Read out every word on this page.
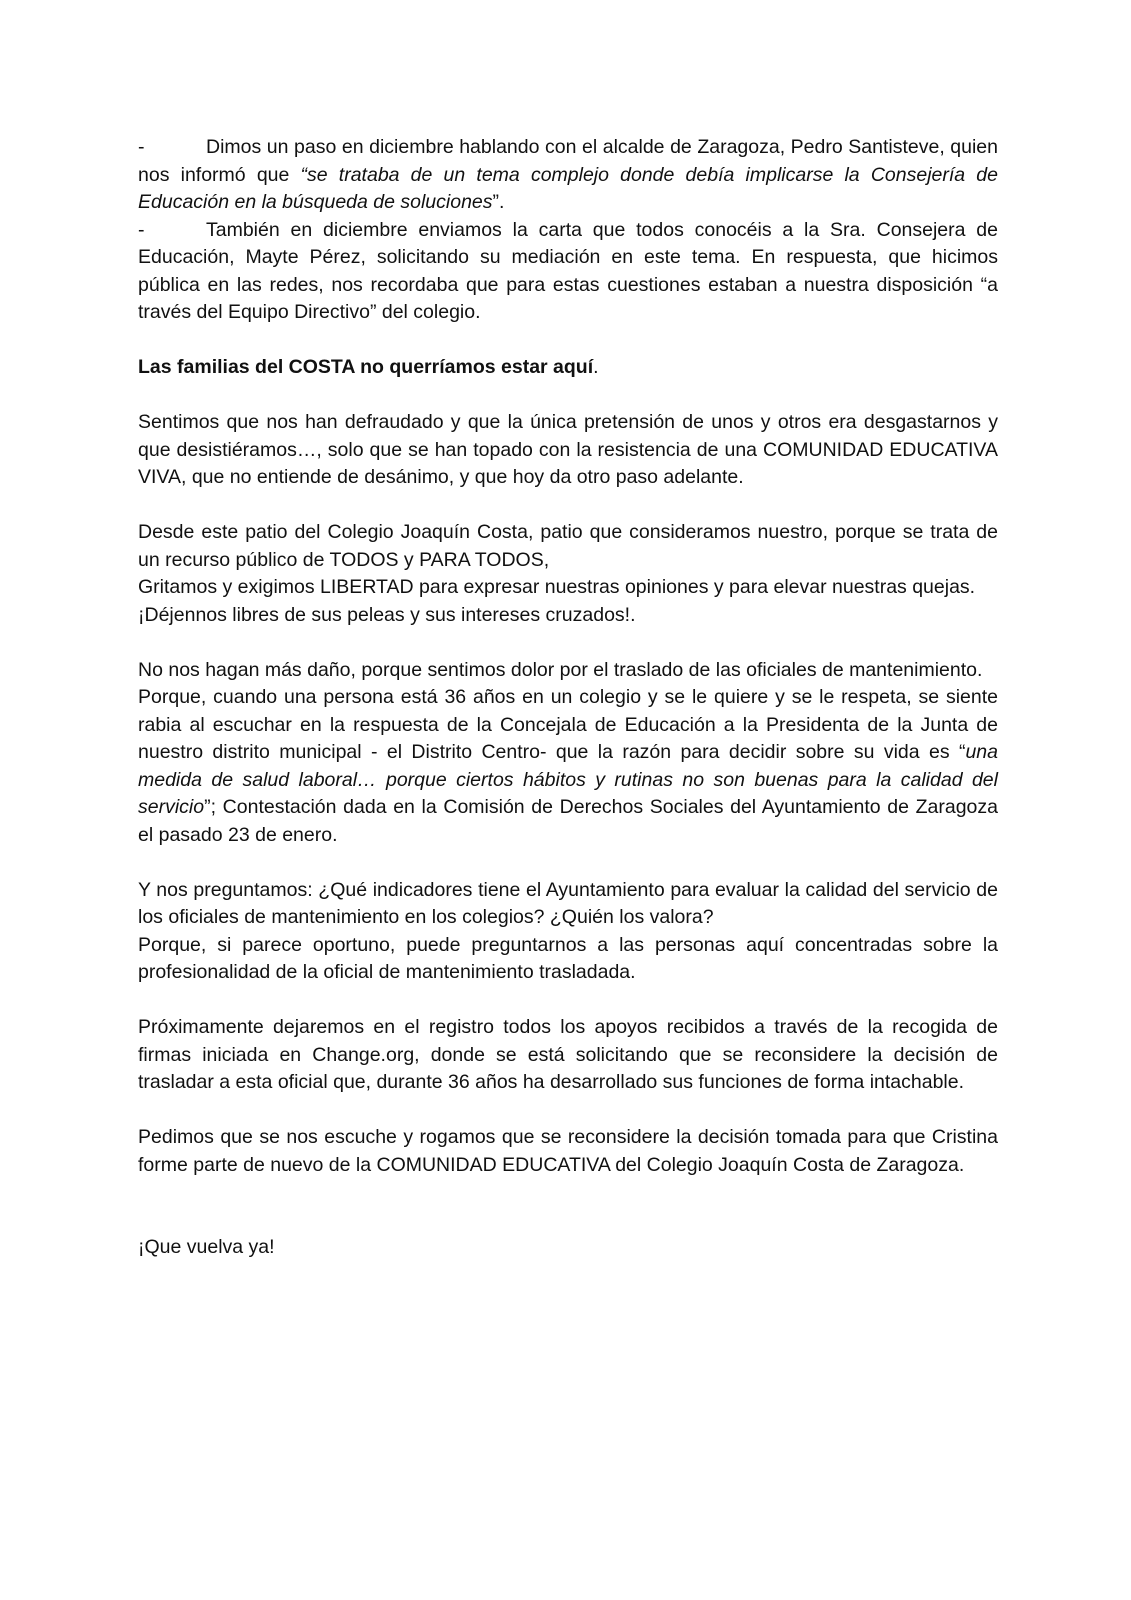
-	Dimos un paso en diciembre hablando con el alcalde de Zaragoza, Pedro Santisteve, quien nos informó que “se trataba de un tema complejo donde debía implicarse la Consejería de Educación en la búsqueda de soluciones”.

-	También en diciembre enviamos la carta que todos conocéis a la Sra. Consejera de Educación, Mayte Pérez, solicitando su mediación en este tema. En respuesta, que hicimos pública en las redes, nos recordaba que para estas cuestiones estaban a nuestra disposición “a través del Equipo Directivo” del colegio.

Las familias del COSTA no querríamos estar aquí.

Sentimos que nos han defraudado y que la única pretensión de unos y otros era desgastarnos y que desistiéramos…, solo que se han topado con la resistencia de una COMUNIDAD EDUCATIVA VIVA, que no entiende de desánimo, y que hoy da otro paso adelante.

Desde este patio del Colegio Joaquín Costa, patio que consideramos nuestro, porque se trata de un recurso público de TODOS y PARA TODOS,

Gritamos y exigimos LIBERTAD para expresar nuestras opiniones y para elevar nuestras quejas.

¡Déjennos libres de sus peleas y sus intereses cruzados!.

No nos hagan más daño, porque sentimos dolor por el traslado de las oficiales de mantenimiento.

Porque, cuando una persona está 36 años en un colegio y se le quiere y se le respeta, se siente rabia al escuchar en la respuesta de la Concejala de Educación a la Presidenta de la Junta de nuestro distrito municipal - el Distrito Centro- que la razón para decidir sobre su vida es “una medida de salud laboral… porque ciertos hábitos y rutinas no son buenas para la calidad del servicio”; Contestación dada en la Comisión de Derechos Sociales del Ayuntamiento de Zaragoza el pasado 23 de enero.

Y nos preguntamos: ¿Qué indicadores tiene el Ayuntamiento para evaluar la calidad del servicio de los oficiales de mantenimiento en los colegios? ¿Quién los valora?

Porque, si parece oportuno, puede preguntarnos a las personas aquí concentradas sobre la profesionalidad de la oficial de mantenimiento trasladada.

Próximamente dejaremos en el registro todos los apoyos recibidos a través de la recogida de firmas iniciada en Change.org, donde se está solicitando que se reconsidere la decisión de trasladar a esta oficial que, durante 36 años ha desarrollado sus funciones de forma intachable.

Pedimos que se nos escuche y rogamos que se reconsidere la decisión tomada para que Cristina forme parte de nuevo de la COMUNIDAD EDUCATIVA del Colegio Joaquín Costa de Zaragoza.

¡Que vuelva ya!
